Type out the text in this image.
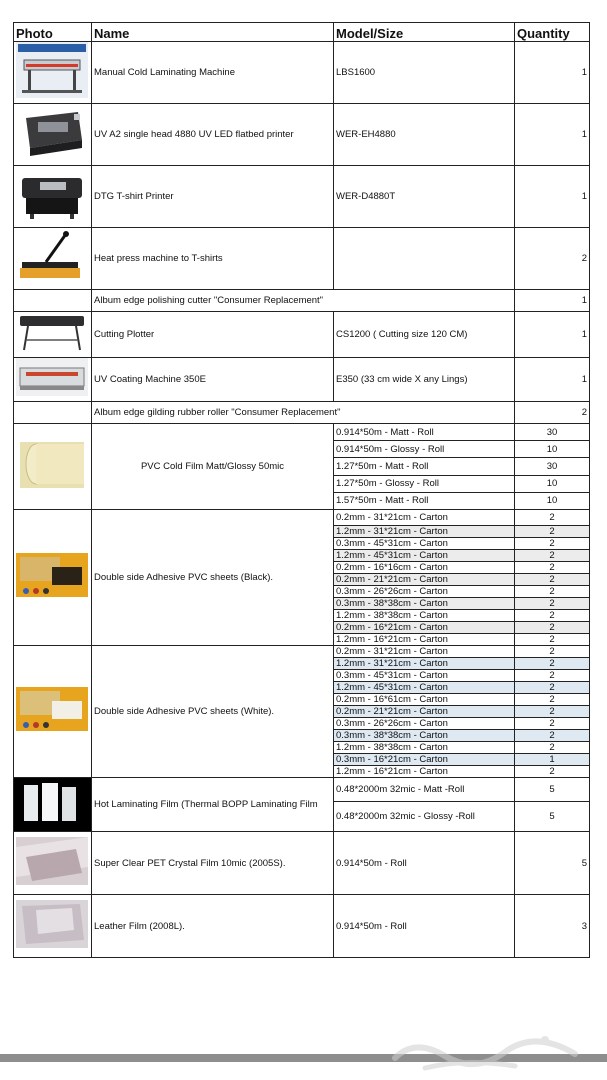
Photo	Name	Model/Size	Quantity
	Manual Cold Laminating Machine	LBS1600	1
	UV A2 single head 4880 UV LED flatbed printer	WER-EH4880	1
	DTG T-shirt Printer	WER-D4880T	1
	Heat press machine to T-shirts		2
	Album edge polishing cutter "Consumer Replacement"		1
	Cutting Plotter	CS1200 ( Cutting size 120 CM)	1
	UV Coating Machine 350E	E350 (33 cm wide X any Lings)	1
	Album edge gilding rubber roller "Consumer Replacement"		2
	PVC Cold Film Matt/Glossy 50mic	0.914*50m - Matt - Roll	30
		0.914*50m - Glossy - Roll	10
		1.27*50m - Matt - Roll	30
		1.27*50m - Glossy - Roll	10
		1.57*50m - Matt - Roll	10
	Double side Adhesive PVC sheets (Black).	0.2mm - 31*21cm - Carton	2
		1.2mm - 31*21cm - Carton	2
		0.3mm - 45*31cm - Carton	2
		1.2mm - 45*31cm - Carton	2
		0.2mm - 16*16cm - Carton	2
		0.2mm - 21*21cm - Carton	2
		0.3mm - 26*26cm - Carton	2
		0.3mm - 38*38cm - Carton	2
		1.2mm - 38*38cm - Carton	2
		0.2mm - 16*21cm - Carton	2
		1.2mm - 16*21cm - Carton	2
	Double side Adhesive PVC sheets (White).	0.2mm - 31*21cm - Carton	2
		1.2mm - 31*21cm - Carton	2
		0.3mm - 45*31cm - Carton	2
		1.2mm - 45*31cm - Carton	2
		0.2mm - 16*61cm - Carton	2
		0.2mm - 21*21cm - Carton	2
		0.3mm - 26*26cm - Carton	2
		0.3mm - 38*38cm - Carton	2
		1.2mm - 38*38cm - Carton	2
		0.3mm - 16*21cm - Carton	1
		1.2mm - 16*21cm - Carton	2
	Hot Laminating Film (Thermal BOPP Laminating Film	0.48*2000m 32mic - Matt -Roll	5
		0.48*2000m 32mic - Glossy -Roll	5
	Super Clear PET Crystal Film 10mic (2005S).	0.914*50m - Roll	5
	Leather Film (2008L).	0.914*50m - Roll	3
